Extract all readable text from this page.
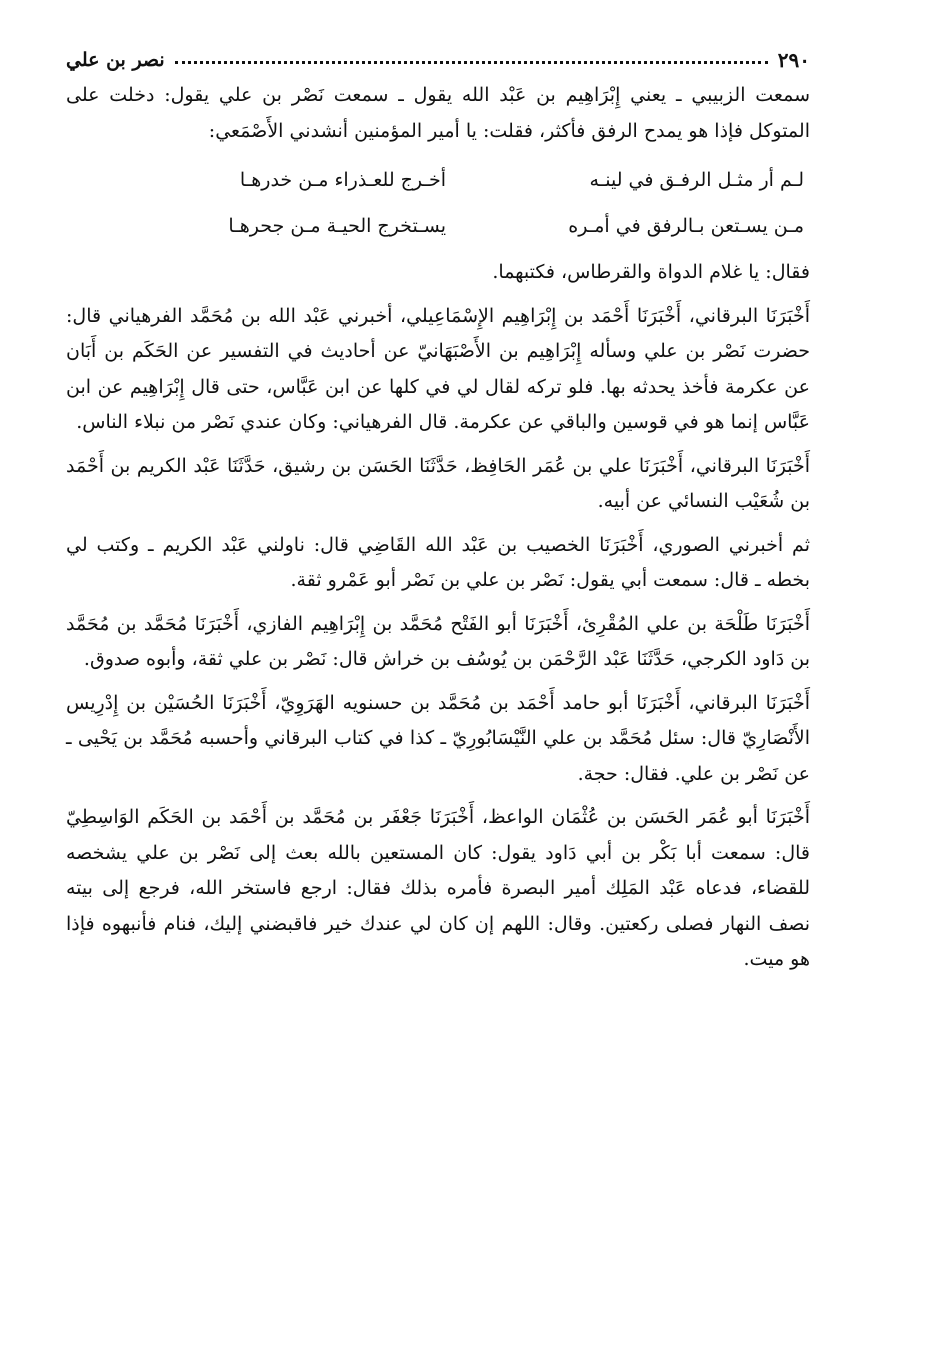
٢٩٠
نصر بن علي

سمعت الزبيبي ـ يعني إِبْرَاهِيم بن عَبْد الله يقول ـ سمعت نَصْر بن علي يقول: دخلت على المتوكل فإذا هو يمدح الرفق فأكثر، فقلت: يا أمير المؤمنين أنشدني الأَصْمَعي:

لـم أر مثـل الرفـق في لينـه
أخـرج للعـذراء مـن خدرهـا
مـن يسـتعن بـالرفق في أمـره
يسـتخرج الحيـة مـن جحرهـا

فقال: يا غلام الدواة والقرطاس، فكتبهما.

أَخْبَرَنَا البرقاني، أَخْبَرَنَا أَحْمَد بن إِبْرَاهِيم الإِسْمَاعِيلي، أخبرني عَبْد الله بن مُحَمَّد الفرهياني قال: حضرت نَصْر بن علي وسأله إِبْرَاهِيم بن الأَصْبَهَانيّ عن أحاديث في التفسير عن الحَكَم بن أَبَان عن عكرمة فأخذ يحدثه بها. فلو تركه لقال لي في كلها عن ابن عَبَّاس، حتى قال إِبْرَاهِيم عن ابن عَبَّاس إنما هو في قوسين والباقي عن عكرمة. قال الفرهياني: وكان عندي نَصْر من نبلاء الناس.

أَخْبَرَنَا البرقاني، أَخْبَرَنَا علي بن عُمَر الحَافِظ، حَدَّثَنَا الحَسَن بن رشيق، حَدَّثَنَا عَبْد الكريم بن أَحْمَد بن شُعَيْب النسائي عن أبيه.

ثم أخبرني الصوري، أَخْبَرَنَا الخصيب بن عَبْد الله القَاضِي قال: ناولني عَبْد الكريم ـ وكتب لي بخطه ـ قال: سمعت أبي يقول: نَصْر بن علي بن نَصْر أبو عَمْرو ثقة.

أَخْبَرَنَا طَلْحَة بن علي المُقْرِئ، أَخْبَرَنَا أبو الفَتْح مُحَمَّد بن إِبْرَاهِيم الفازي، أَخْبَرَنَا مُحَمَّد بن مُحَمَّد بن دَاود الكرجي، حَدَّثَنَا عَبْد الرَّحْمَن بن يُوسُف بن خراش قال: نَصْر بن علي ثقة، وأبوه صدوق.

أَخْبَرَنَا البرقاني، أَخْبَرَنَا أبو حامد أَحْمَد بن مُحَمَّد بن حسنويه الهَرَوِيّ، أَخْبَرَنَا الحُسَيْن بن إِدْرِيس الأَنْصَارِيّ قال: سئل مُحَمَّد بن علي النَّيْسَابُورِيّ ـ كذا في كتاب البرقاني وأحسبه مُحَمَّد بن يَحْيى ـ عن نَصْر بن علي. فقال: حجة.

أَخْبَرَنَا أبو عُمَر الحَسَن بن عُثْمَان الواعظ، أَخْبَرَنَا جَعْفَر بن مُحَمَّد بن أَحْمَد بن الحَكَم الوَاسِطِيّ قال: سمعت أبا بَكْر بن أبي دَاود يقول: كان المستعين بالله بعث إلى نَصْر بن علي يشخصه للقضاء، فدعاه عَبْد المَلِك أمير البصرة فأمره بذلك فقال: ارجع فاستخر الله، فرجع إلى بيته نصف النهار فصلى ركعتين. وقال: اللهم إن كان لي عندك خير فاقبضني إليك، فنام فأنبهوه فإذا هو ميت.
